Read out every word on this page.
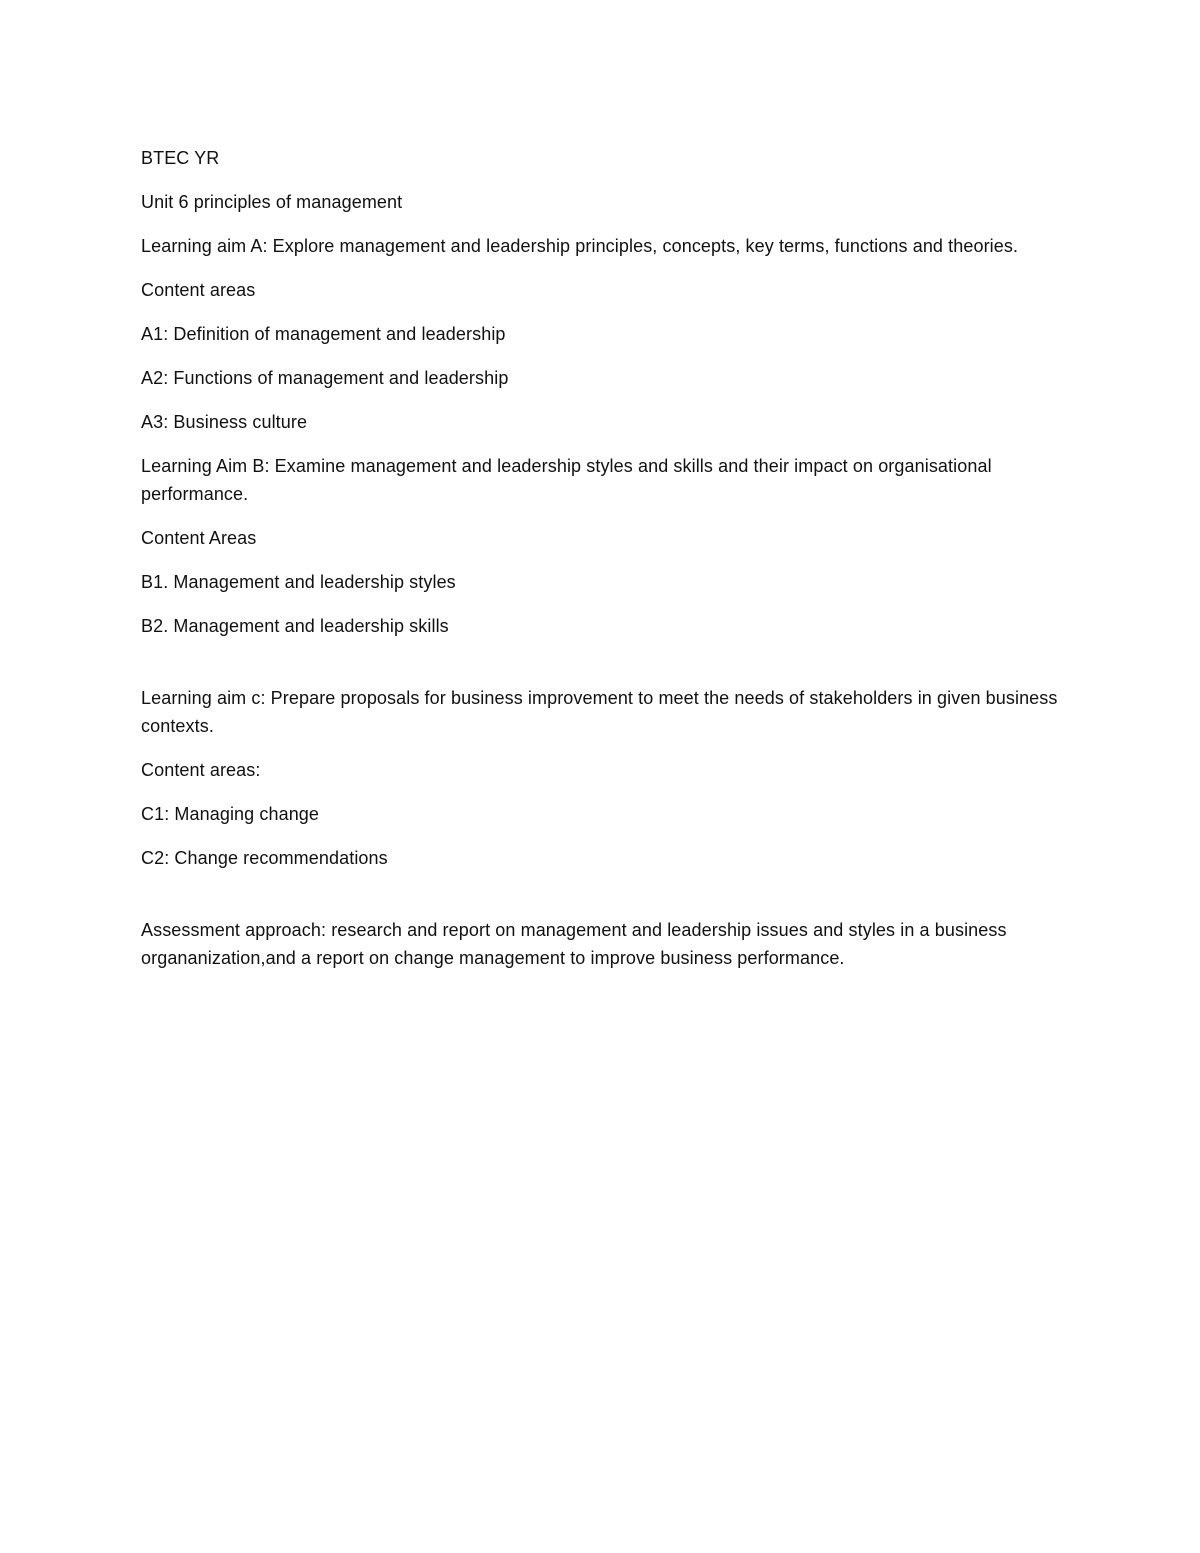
BTEC YR

Unit 6 principles of management

Learning aim A: Explore management and leadership principles, concepts, key terms, functions and theories.

Content areas

A1: Definition of management and leadership

A2: Functions of management and leadership

A3: Business culture

Learning Aim B: Examine management and leadership styles and skills and their impact on organisational performance.

Content Areas

B1. Management and leadership styles

B2. Management and leadership skills

Learning aim c: Prepare proposals for business improvement to meet the needs of stakeholders in given business contexts.

Content areas:

C1: Managing change

C2: Change recommendations

Assessment approach: research and report on management and leadership issues and styles in a business organanization,and a report on change management to improve business performance.
